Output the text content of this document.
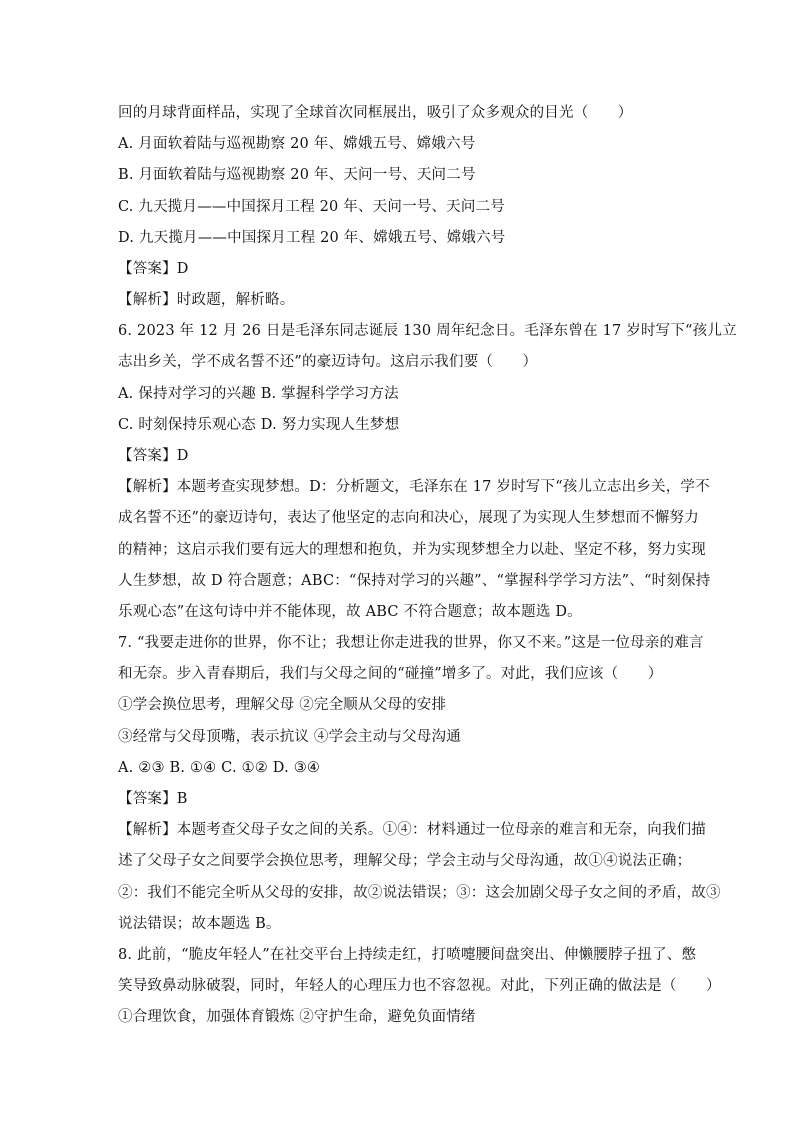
回的月球背面样品，实现了全球首次同框展出，吸引了众多观众的目光（　　）
A. 月面软着陆与巡视勘察 20 年、嫦娥五号、嫦娥六号
B. 月面软着陆与巡视勘察 20 年、天问一号、天问二号
C. 九天揽月——中国探月工程 20 年、天问一号、天问二号
D. 九天揽月——中国探月工程 20 年、嫦娥五号、嫦娥六号
【答案】D
【解析】时政题，解析略。
6. 2023 年 12 月 26 日是毛泽东同志诞辰 130 周年纪念日。毛泽东曾在 17 岁时写下“孩儿立
志出乡关，学不成名誓不还”的豪迈诗句。这启示我们要（　　）
A. 保持对学习的兴趣 B. 掌握科学学习方法
C. 时刻保持乐观心态 D. 努力实现人生梦想
【答案】D
【解析】本题考查实现梦想。D：分析题文，毛泽东在 17 岁时写下“孩儿立志出乡关，学不
成名誓不还”的豪迈诗句，表达了他坚定的志向和决心，展现了为实现人生梦想而不懈努力
的精神；这启示我们要有远大的理想和抱负，并为实现梦想全力以赴、坚定不移，努力实现
人生梦想，故 D 符合题意；ABC：“保持对学习的兴趣”、“掌握科学学习方法”、“时刻保持
乐观心态”在这句诗中并不能体现，故 ABC 不符合题意；故本题选 D。
7. “我要走进你的世界，你不让；我想让你走进我的世界，你又不来。”这是一位母亲的难言
和无奈。步入青春期后，我们与父母之间的“碰撞”增多了。对此，我们应该（　　）
①学会换位思考，理解父母 ②完全顺从父母的安排
③经常与父母顶嘴，表示抗议 ④学会主动与父母沟通
A. ②③ B. ①④ C. ①② D. ③④
【答案】B
【解析】本题考查父母子女之间的关系。①④：材料通过一位母亲的难言和无奈，向我们描
述了父母子女之间要学会换位思考，理解父母；学会主动与父母沟通，故①④说法正确；
②：我们不能完全听从父母的安排，故②说法错误；③：这会加剧父母子女之间的矛盾，故③
说法错误；故本题选 B。
8. 此前，“脆皮年轻人”在社交平台上持续走红，打喷嚏腰间盘突出、伸懒腰脖子扭了、憋
笑导致鼻动脉破裂，同时，年轻人的心理压力也不容忽视。对此，下列正确的做法是（　　）
①合理饮食，加强体育锻炼 ②守护生命，避免负面情绪
